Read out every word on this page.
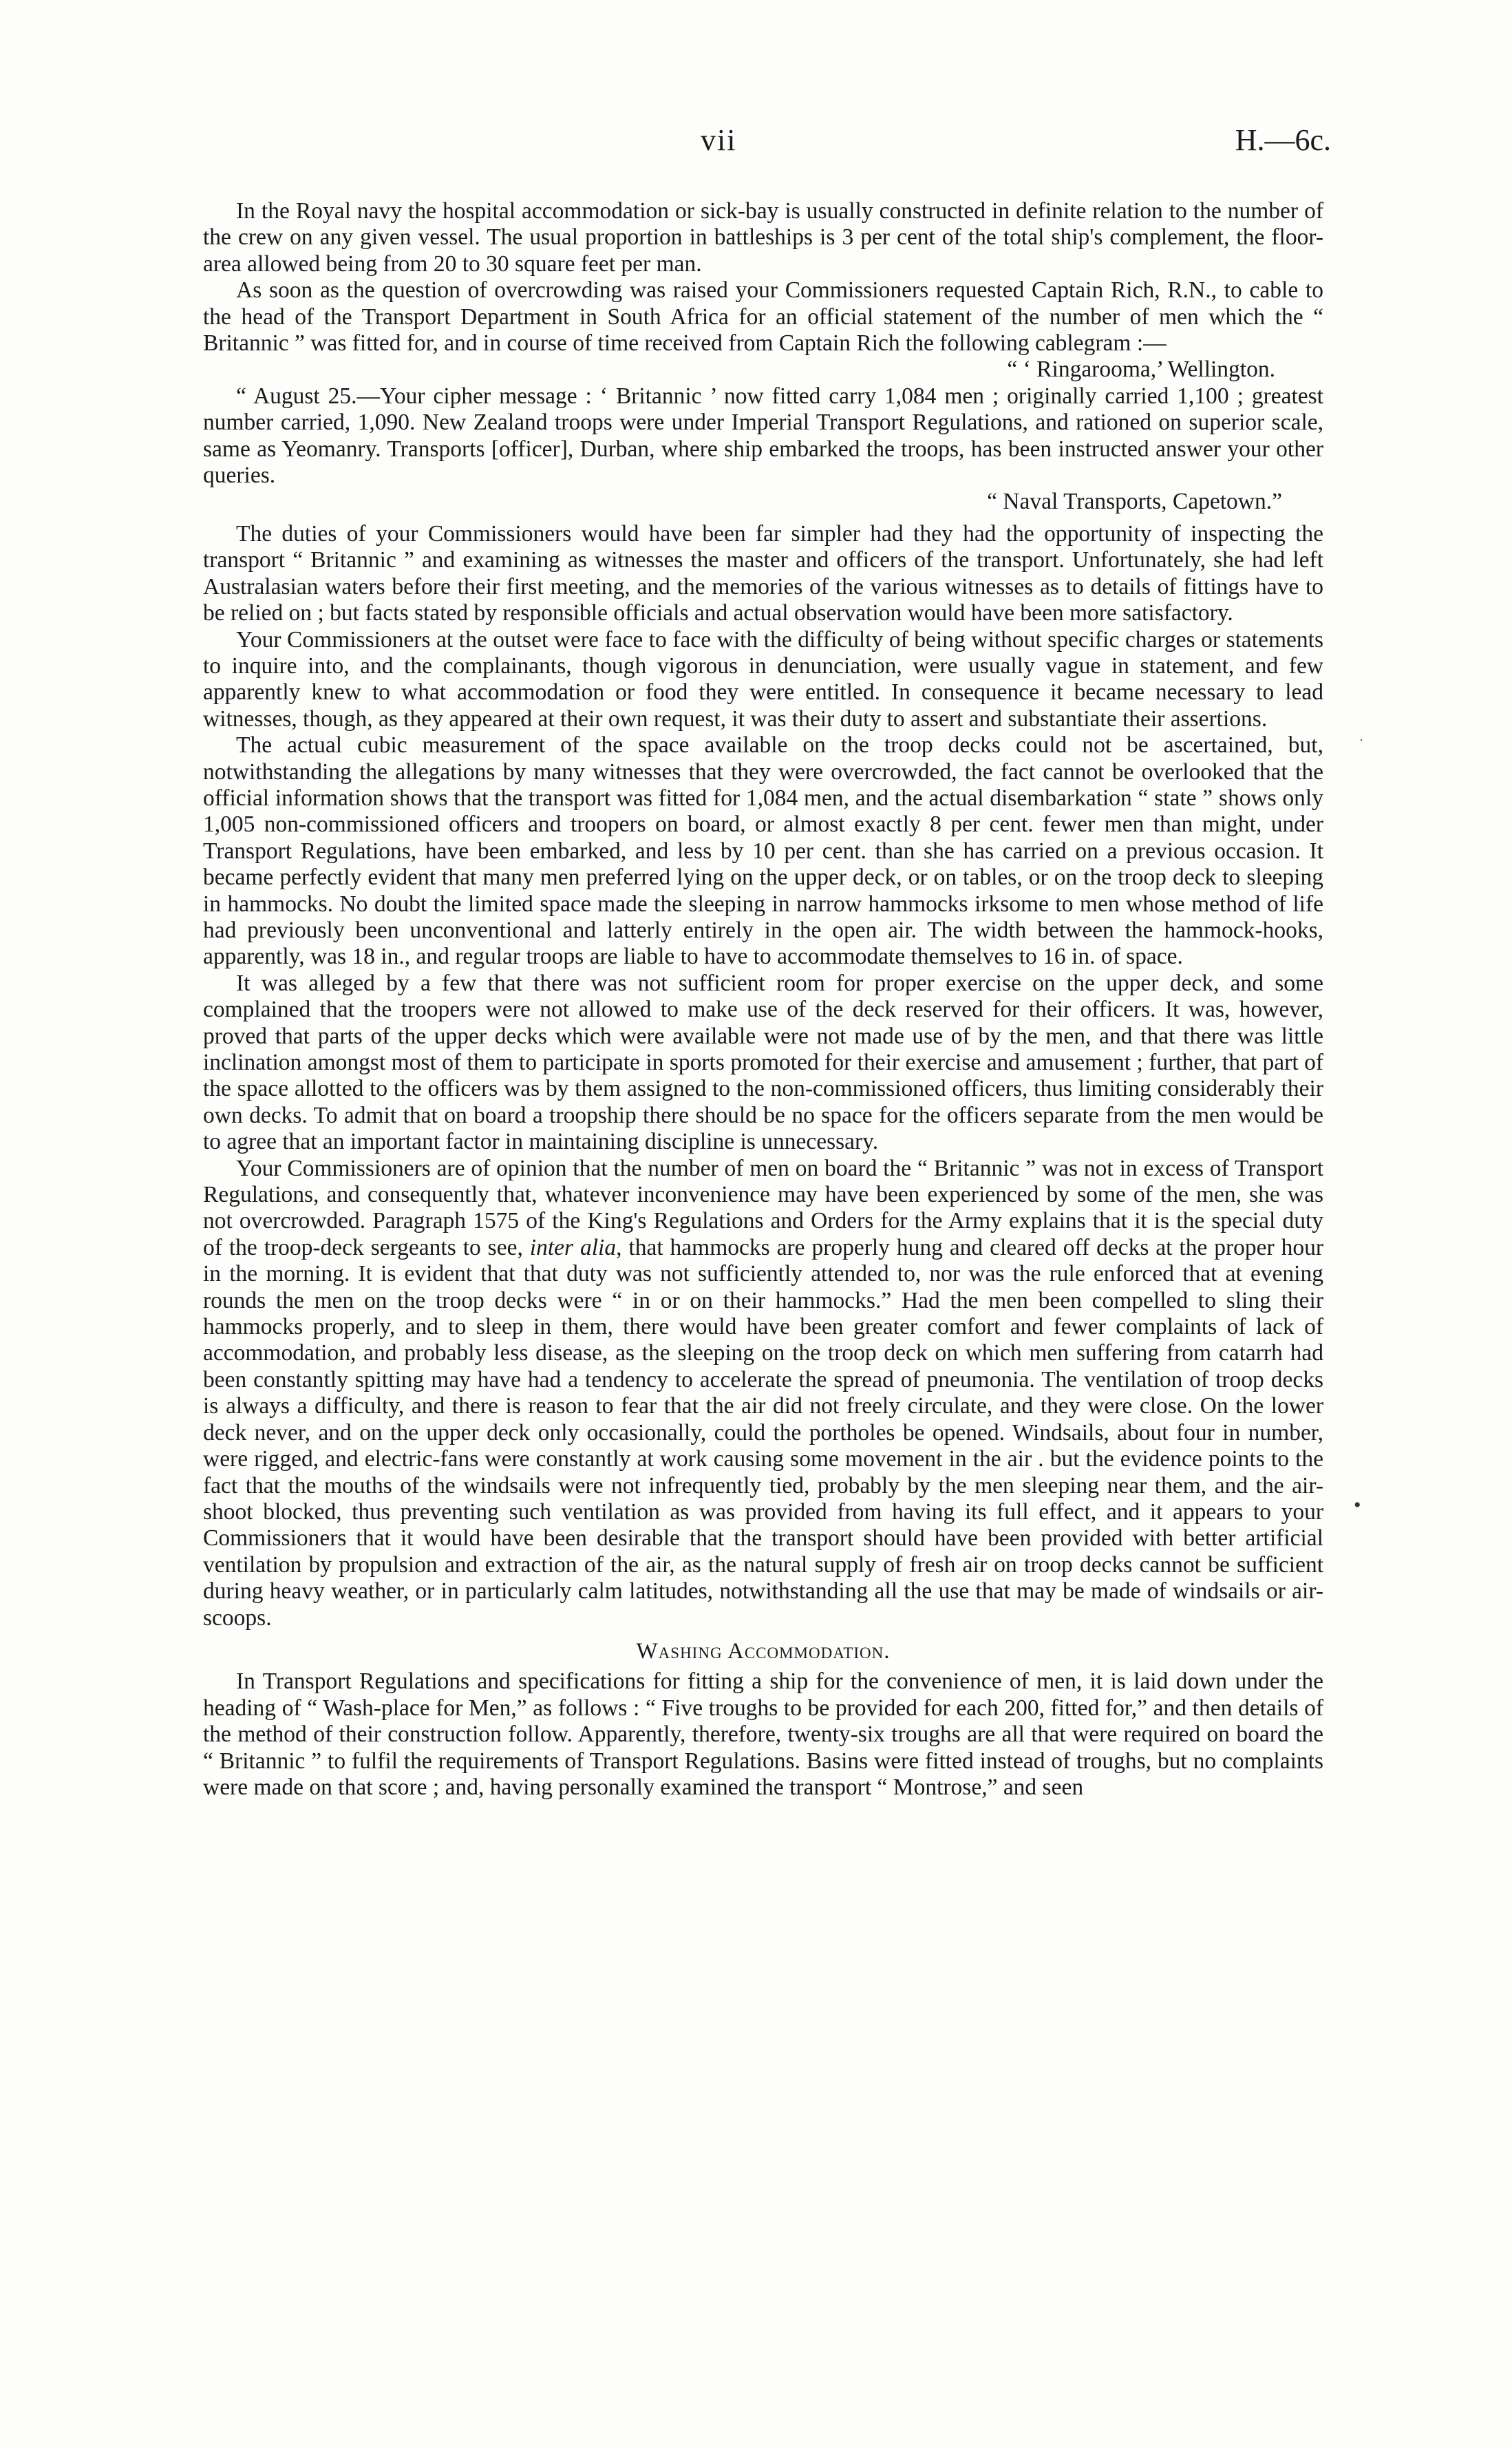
vii	H.—6c.

In the Royal navy the hospital accommodation or sick-bay is usually constructed in definite relation to the number of the crew on any given vessel. The usual proportion in battleships is 3 per cent of the total ship's complement, the floor-area allowed being from 20 to 30 square feet per man.

As soon as the question of overcrowding was raised your Commissioners requested Captain Rich, R.N., to cable to the head of the Transport Department in South Africa for an official statement of the number of men which the “ Britannic ” was fitted for, and in course of time received from Captain Rich the following cablegram :—

“ ‘ Ringarooma,’ Wellington.

“ August 25.—Your cipher message : ‘ Britannic ’ now fitted carry 1,084 men ; originally carried 1,100 ; greatest number carried, 1,090. New Zealand troops were under Imperial Transport Regulations, and rationed on superior scale, same as Yeomanry. Transports [officer], Durban, where ship embarked the troops, has been instructed answer your other queries.

“ Naval Transports, Capetown.”

The duties of your Commissioners would have been far simpler had they had the opportunity of inspecting the transport “ Britannic ” and examining as witnesses the master and officers of the transport. Unfortunately, she had left Australasian waters before their first meeting, and the memories of the various witnesses as to details of fittings have to be relied on ; but facts stated by responsible officials and actual observation would have been more satisfactory.

Your Commissioners at the outset were face to face with the difficulty of being without specific charges or statements to inquire into, and the complainants, though vigorous in denunciation, were usually vague in statement, and few apparently knew to what accommodation or food they were entitled. In consequence it became necessary to lead witnesses, though, as they appeared at their own request, it was their duty to assert and substantiate their assertions.

The actual cubic measurement of the space available on the troop decks could not be ascertained, but, notwithstanding the allegations by many witnesses that they were overcrowded, the fact cannot be overlooked that the official information shows that the transport was fitted for 1,084 men, and the actual disembarkation “ state ” shows only 1,005 non-commissioned officers and troopers on board, or almost exactly 8 per cent. fewer men than might, under Transport Regulations, have been embarked, and less by 10 per cent. than she has carried on a previous occasion. It became perfectly evident that many men preferred lying on the upper deck, or on tables, or on the troop deck to sleeping in hammocks. No doubt the limited space made the sleeping in narrow hammocks irksome to men whose method of life had previously been unconventional and latterly entirely in the open air. The width between the hammock-hooks, apparently, was 18 in., and regular troops are liable to have to accommodate themselves to 16 in. of space.

It was alleged by a few that there was not sufficient room for proper exercise on the upper deck, and some complained that the troopers were not allowed to make use of the deck reserved for their officers. It was, however, proved that parts of the upper decks which were available were not made use of by the men, and that there was little inclination amongst most of them to participate in sports promoted for their exercise and amusement ; further, that part of the space allotted to the officers was by them assigned to the non-commissioned officers, thus limiting considerably their own decks. To admit that on board a troopship there should be no space for the officers separate from the men would be to agree that an important factor in maintaining discipline is unnecessary.

Your Commissioners are of opinion that the number of men on board the “ Britannic ” was not in excess of Transport Regulations, and consequently that, whatever inconvenience may have been experienced by some of the men, she was not overcrowded. Paragraph 1575 of the King's Regulations and Orders for the Army explains that it is the special duty of the troop-deck sergeants to see, inter alia, that hammocks are properly hung and cleared off decks at the proper hour in the morning. It is evident that that duty was not sufficiently attended to, nor was the rule enforced that at evening rounds the men on the troop decks were “ in or on their hammocks.” Had the men been compelled to sling their hammocks properly, and to sleep in them, there would have been greater comfort and fewer complaints of lack of accommodation, and probably less disease, as the sleeping on the troop deck on which men suffering from catarrh had been constantly spitting may have had a tendency to accelerate the spread of pneumonia. The ventilation of troop decks is always a difficulty, and there is reason to fear that the air did not freely circulate, and they were close. On the lower deck never, and on the upper deck only occasionally, could the portholes be opened. Windsails, about four in number, were rigged, and electric-fans were constantly at work causing some movement in the air . but the evidence points to the fact that the mouths of the windsails were not infrequently tied, probably by the men sleeping near them, and the air-shoot blocked, thus preventing such ventilation as was provided from having its full effect, and it appears to your Commissioners that it would have been desirable that the transport should have been provided with better artificial ventilation by propulsion and extraction of the air, as the natural supply of fresh air on troop decks cannot be sufficient during heavy weather, or in particularly calm latitudes, notwithstanding all the use that may be made of windsails or air-scoops.

Washing Accommodation.

In Transport Regulations and specifications for fitting a ship for the convenience of men, it is laid down under the heading of “ Wash-place for Men,” as follows : “ Five troughs to be provided for each 200, fitted for,” and then details of the method of their construction follow. Apparently, therefore, twenty-six troughs are all that were required on board the “ Britannic ” to fulfil the requirements of Transport Regulations. Basins were fitted instead of troughs, but no complaints were made on that score ; and, having personally examined the transport “ Montrose,” and seen

•
·
